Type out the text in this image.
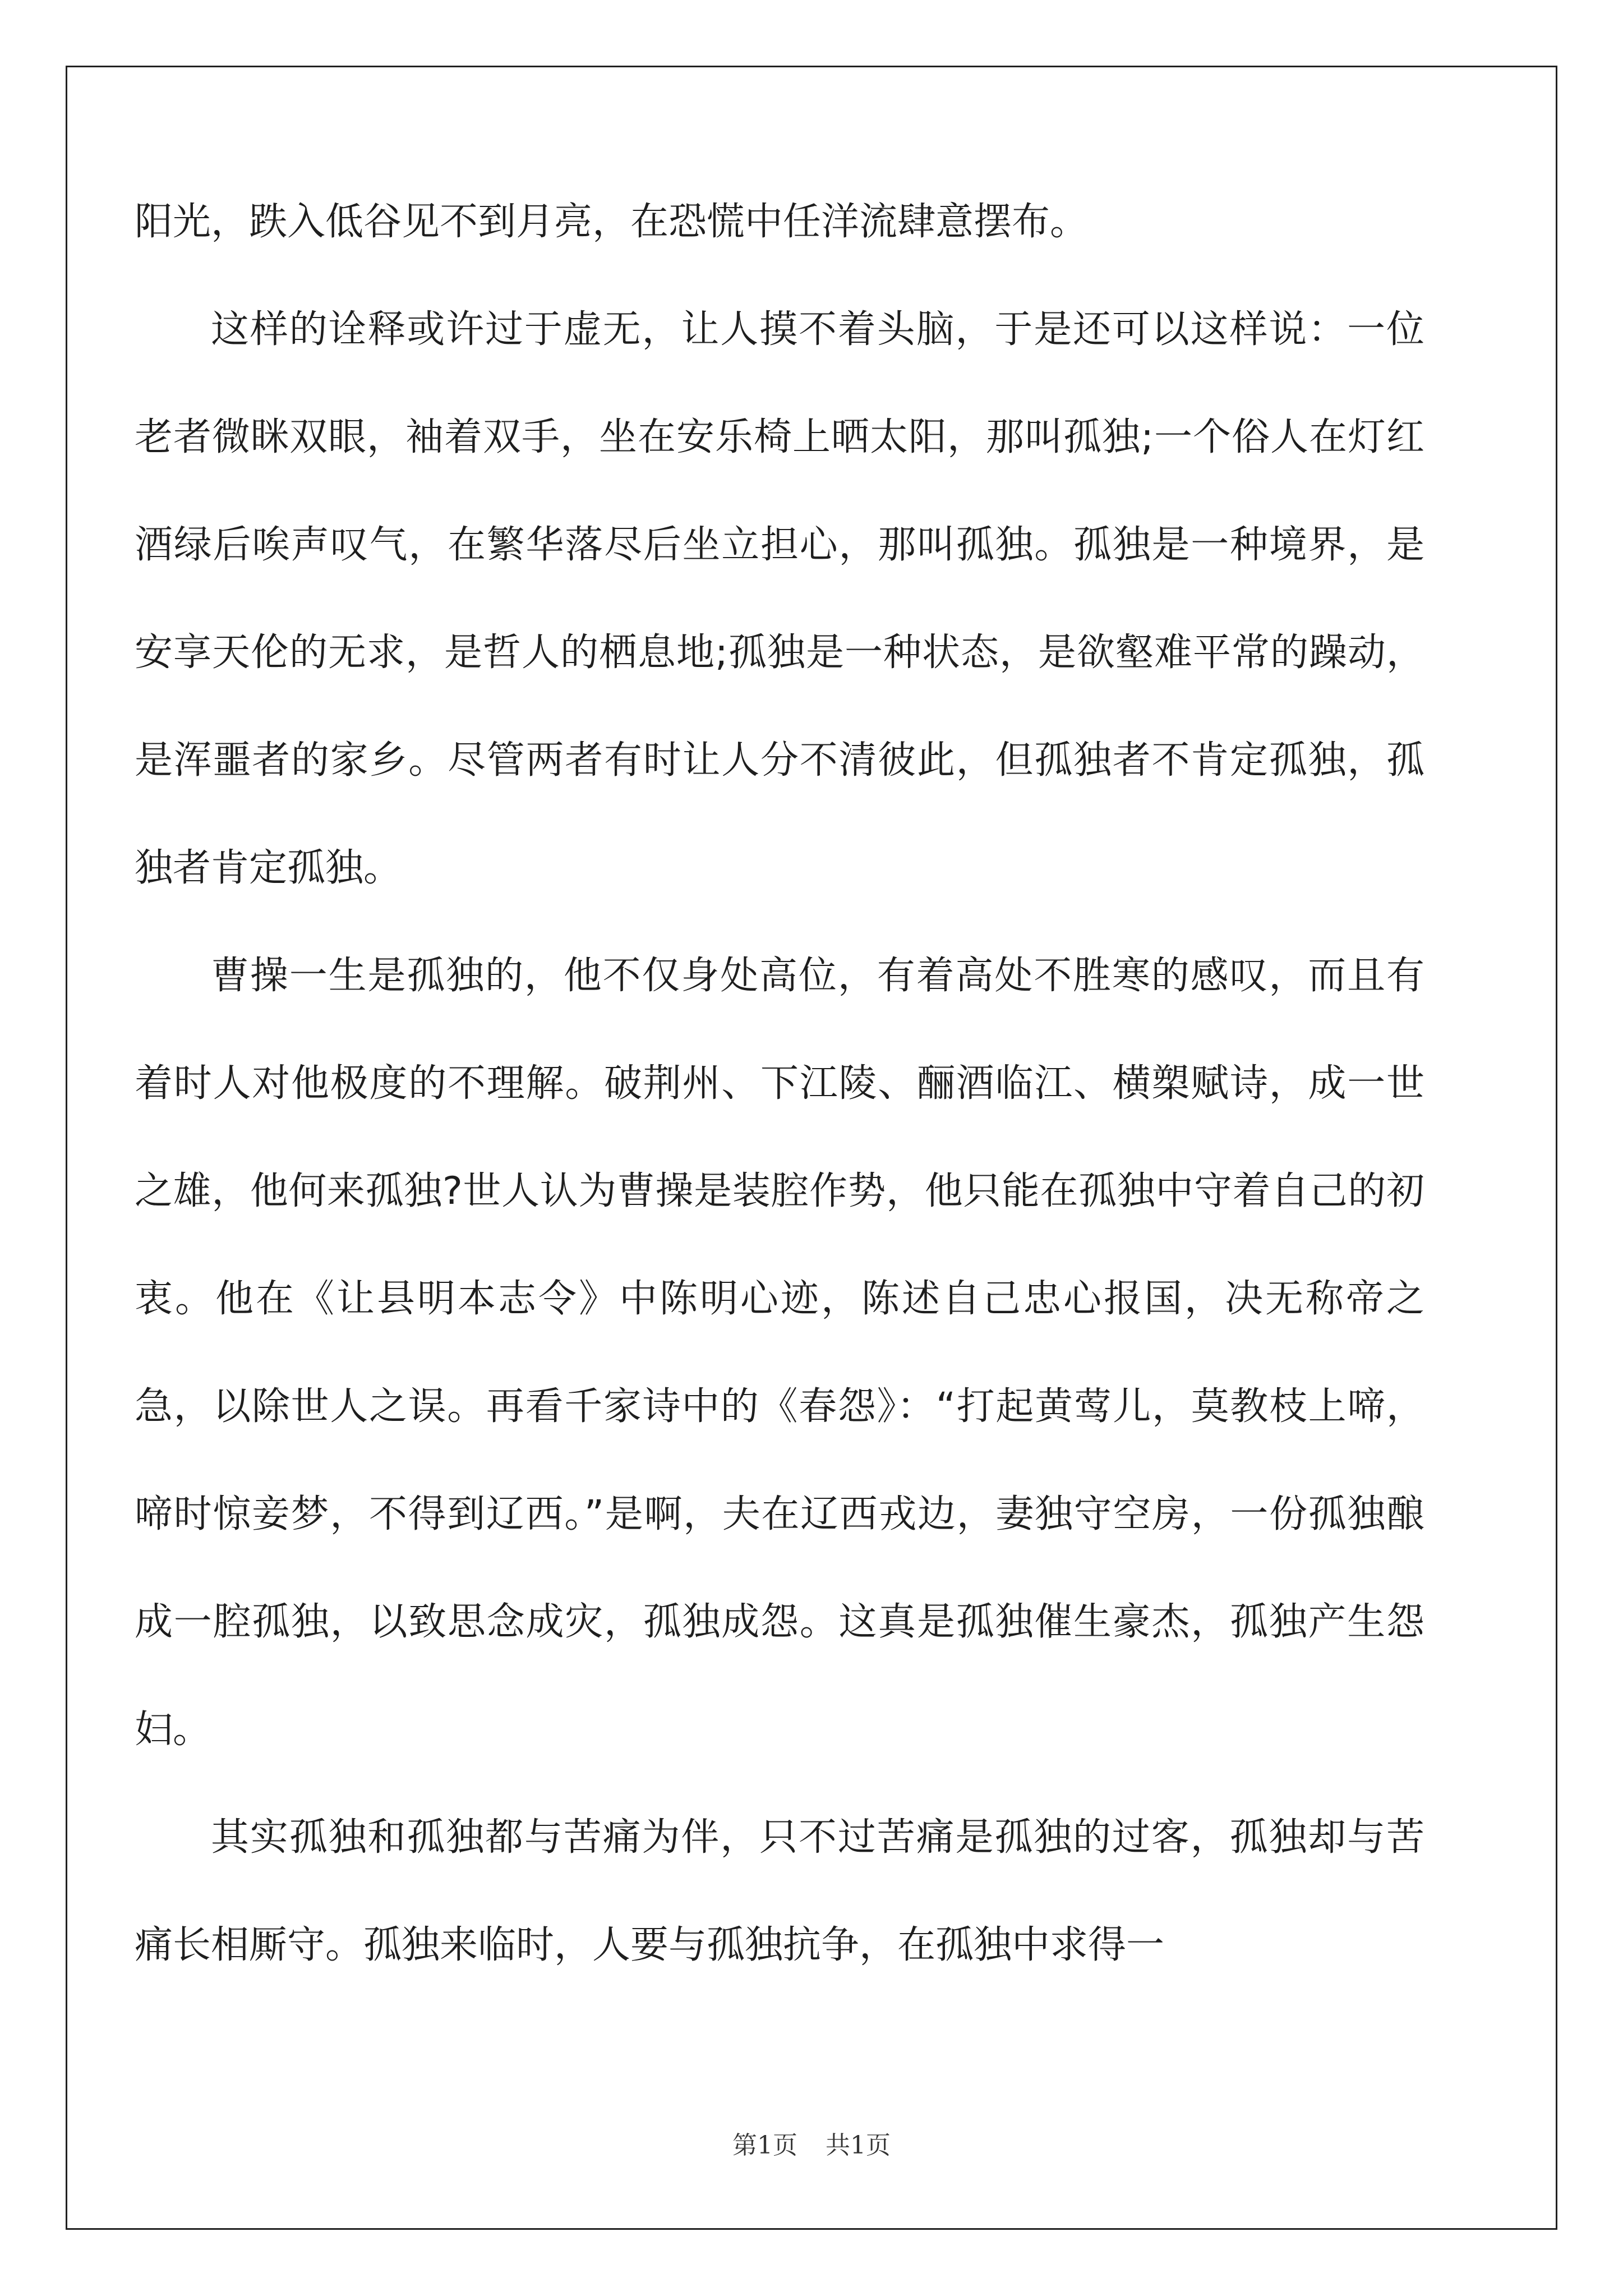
阳光，跌入低谷见不到月亮，在恐慌中任洋流肆意摆布。

这样的诠释或许过于虚无，让人摸不着头脑，于是还可以这样说：一位老者微眯双眼，袖着双手，坐在安乐椅上晒太阳，那叫孤独;一个俗人在灯红酒绿后唉声叹气，在繁华落尽后坐立担心，那叫孤独。孤独是一种境界，是安享天伦的无求，是哲人的栖息地;孤独是一种状态，是欲壑难平常的躁动，是浑噩者的家乡。尽管两者有时让人分不清彼此，但孤独者不肯定孤独，孤独者肯定孤独。

曹操一生是孤独的，他不仅身处高位，有着高处不胜寒的感叹，而且有着时人对他极度的不理解。破荆州、下江陵、酾酒临江、横槊赋诗，成一世之雄，他何来孤独?世人认为曹操是装腔作势，他只能在孤独中守着自己的初衷。他在《让县明本志令》中陈明心迹，陈述自己忠心报国，决无称帝之急，以除世人之误。再看千家诗中的《春怨》：“打起黄莺儿，莫教枝上啼，啼时惊妾梦，不得到辽西。”是啊，夫在辽西戎边，妻独守空房，一份孤独酿成一腔孤独，以致思念成灾，孤独成怨。这真是孤独催生豪杰，孤独产生怨妇。

其实孤独和孤独都与苦痛为伴，只不过苦痛是孤独的过客，孤独却与苦痛长相厮守。孤独来临时，人要与孤独抗争，在孤独中求得一

第1页 共1页
